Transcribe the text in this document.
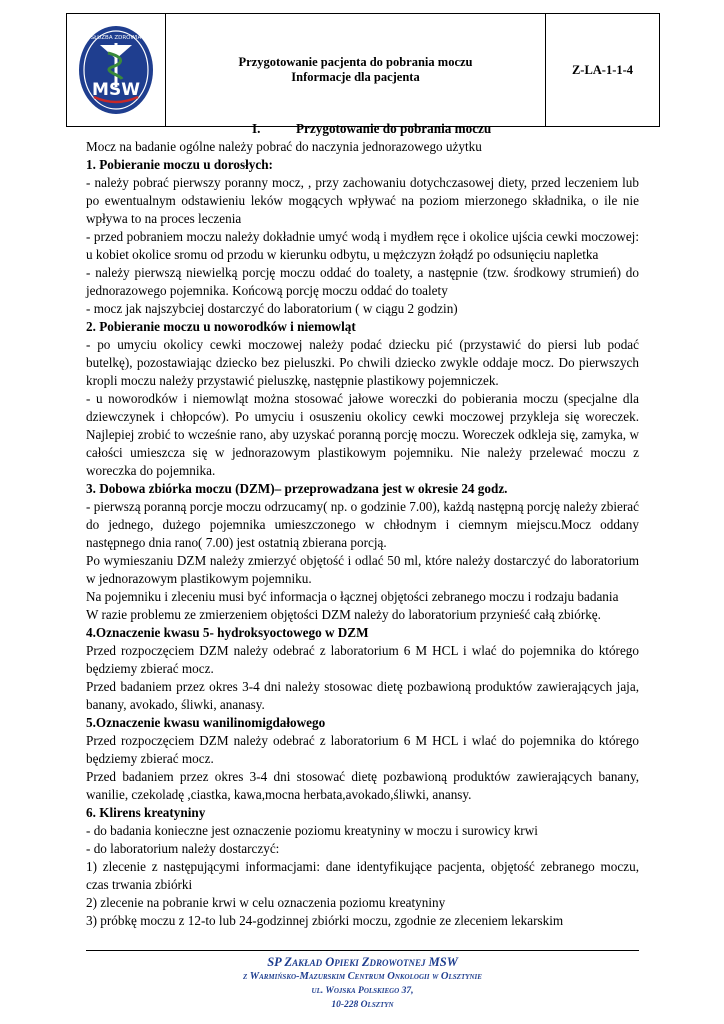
SŁUŻBA ZDROWIA
MSW
Przygotowanie pacjenta do pobrania moczu
Informacje dla pacjenta
Z-LA-1-1-4
I.	Przygotowanie do pobrania moczu

Mocz na badanie ogólne należy pobrać do naczynia jednorazowego użytku

1. Pobieranie moczu u dorosłych:

- należy pobrać pierwszy poranny mocz, , przy zachowaniu dotychczasowej diety, przed leczeniem lub po ewentualnym odstawieniu leków mogących wpływać na poziom mierzonego składnika, o ile nie wpływa to na proces leczenia

- przed pobraniem moczu należy dokładnie umyć wodą i mydłem ręce i okolice ujścia cewki moczowej: u kobiet okolice sromu od przodu w kierunku odbytu, u mężczyzn żołądź po odsunięciu napletka

- należy pierwszą niewielką porcję moczu oddać do toalety, a następnie (tzw. środkowy strumień) do jednorazowego pojemnika. Końcową porcję moczu oddać do toalety

- mocz jak najszybciej dostarczyć do laboratorium ( w ciągu 2 godzin)

2. Pobieranie moczu u noworodków i niemowląt

- po umyciu okolicy cewki moczowej należy podać dziecku pić (przystawić do piersi lub podać butelkę), pozostawiając dziecko bez pieluszki. Po chwili dziecko zwykle oddaje mocz. Do pierwszych kropli moczu należy przystawić pieluszkę, następnie plastikowy pojemniczek.

- u noworodków i niemowląt można stosować jałowe woreczki do pobierania moczu (specjalne dla dziewczynek i chłopców). Po umyciu i osuszeniu okolicy cewki moczowej przykleja się woreczek. Najlepiej zrobić to wcześnie rano, aby uzyskać poranną porcję moczu. Woreczek odkleja się, zamyka, w całości umieszcza się w jednorazowym plastikowym pojemniku. Nie należy przelewać moczu z woreczka do pojemnika.

3. Dobowa zbiórka moczu (DZM)– przeprowadzana jest w okresie 24 godz.

- pierwszą poranną porcje moczu odrzucamy( np. o godzinie 7.00), każdą następną porcję należy zbierać do jednego, dużego pojemnika umieszczonego w chłodnym i ciemnym miejscu.Mocz oddany następnego dnia rano( 7.00) jest ostatnią zbierana porcją.

Po wymieszaniu DZM należy zmierzyć objętość i odlać 50 ml, które należy dostarczyć do laboratorium w jednorazowym plastikowym pojemniku.

Na pojemniku i zleceniu musi być informacja o łącznej objętości zebranego moczu i rodzaju badania

W razie problemu ze zmierzeniem objętości DZM należy do laboratorium przynieść całą zbiórkę.

4.Oznaczenie kwasu 5- hydroksyoctowego w DZM

Przed rozpoczęciem DZM należy odebrać z laboratorium 6 M HCL i wlać do pojemnika do którego będziemy zbierać mocz.

Przed badaniem przez okres 3-4 dni należy stosowac dietę pozbawioną produktów zawierających jaja, banany, avokado, śliwki, ananasy.

5.Oznaczenie kwasu wanilinomigdałowego

Przed rozpoczęciem DZM należy odebrać z laboratorium 6 M HCL i wlać do pojemnika do którego będziemy zbierać mocz.

Przed badaniem przez okres 3-4 dni stosować dietę pozbawioną produktów zawierających banany, wanilie, czekoladę ,ciastka, kawa,mocna herbata,avokado,śliwki, anansy.

6. Klirens kreatyniny

- do badania konieczne jest oznaczenie poziomu kreatyniny w moczu i surowicy krwi

- do laboratorium należy dostarczyć:

1) zlecenie z następującymi informacjami: dane identyfikujące pacjenta, objętość zebranego moczu, czas trwania zbiórki

2) zlecenie na pobranie krwi w celu oznaczenia poziomu kreatyniny

3) próbkę moczu z 12-to lub 24-godzinnej zbiórki moczu, zgodnie ze zleceniem lekarskim

SP Zakład Opieki Zdrowotnej MSW
z Warmińsko-Mazurskim Centrum Onkologii w Olsztynie
ul. Wojska Polskiego 37,
10-228 Olsztyn
